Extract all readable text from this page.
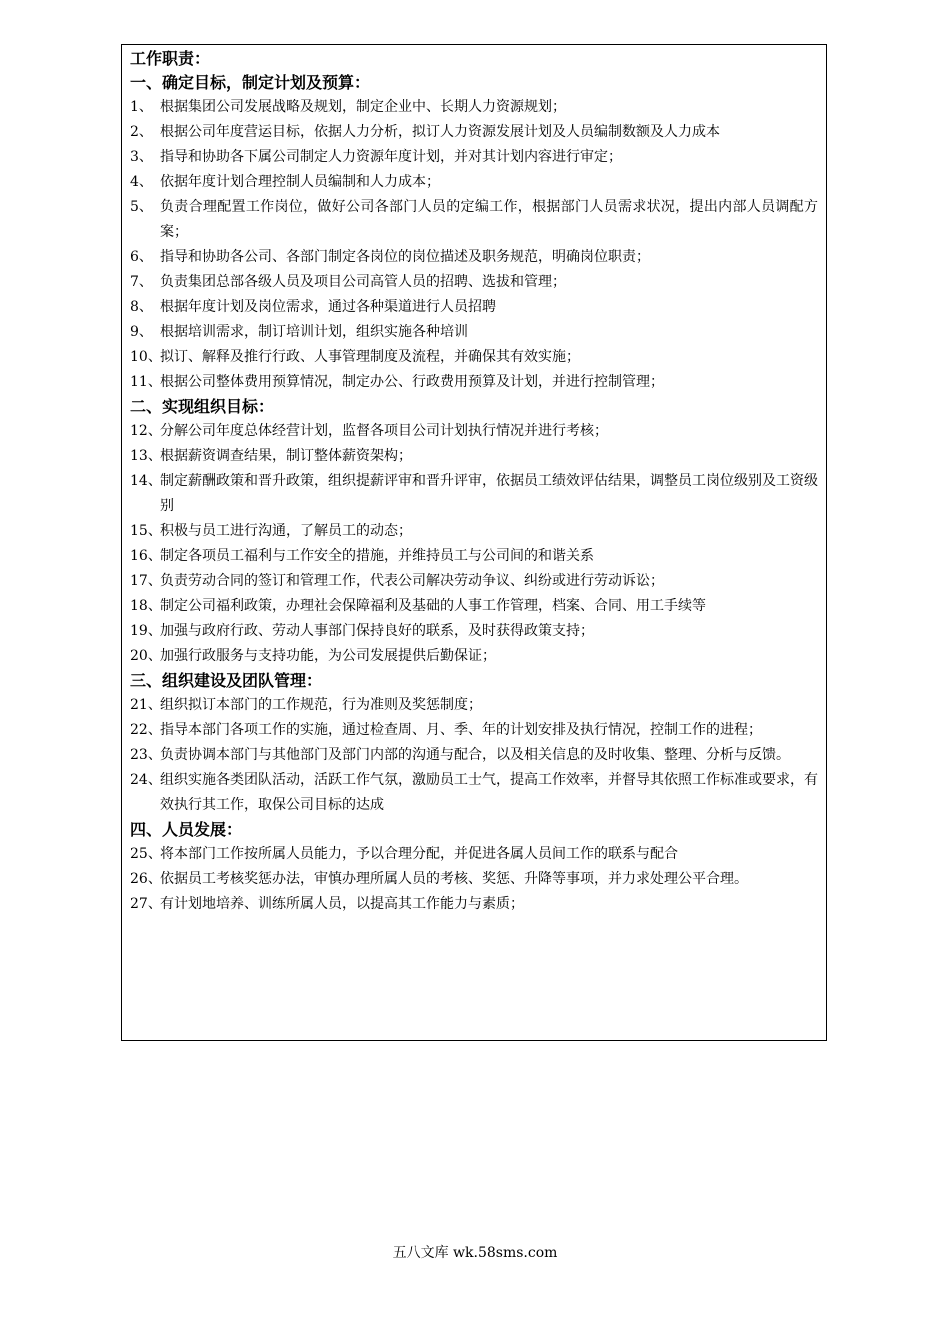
工作职责：

一、确定目标，制定计划及预算：

1、 根据集团公司发展战略及规划，制定企业中、长期人力资源规划；
2、 根据公司年度营运目标，依据人力分析，拟订人力资源发展计划及人员编制数额及人力成本
3、 指导和协助各下属公司制定人力资源年度计划，并对其计划内容进行审定；
4、 依据年度计划合理控制人员编制和人力成本；
5、 负责合理配置工作岗位，做好公司各部门人员的定编工作，根据部门人员需求状况，提出内部人员调配方案；
6、 指导和协助各公司、各部门制定各岗位的岗位描述及职务规范，明确岗位职责；
7、 负责集团总部各级人员及项目公司高管人员的招聘、选拔和管理；
8、 根据年度计划及岗位需求，通过各种渠道进行人员招聘
9、 根据培训需求，制订培训计划，组织实施各种培训
10、
拟订、解释及推行行政、人事管理制度及流程，并确保其有效实施；
11、
根据公司整体费用预算情况，制定办公、行政费用预算及计划，并进行控制管理；

二、实现组织目标：

12、
分解公司年度总体经营计划，监督各项目公司计划执行情况并进行考核；
13、
根据薪资调查结果，制订整体薪资架构；
14、
制定薪酬政策和晋升政策，组织提薪评审和晋升评审，依据员工绩效评估结果，调整员工岗位级别及工资级别
15、
积极与员工进行沟通，了解员工的动态；
16、
制定各项员工福利与工作安全的措施，并维持员工与公司间的和谐关系
17、
负责劳动合同的签订和管理工作，代表公司解决劳动争议、纠纷或进行劳动诉讼；
18、
制定公司福利政策，办理社会保障福利及基础的人事工作管理，档案、合同、用工手续等
19、
加强与政府行政、劳动人事部门保持良好的联系，及时获得政策支持；
20、
加强行政服务与支持功能，为公司发展提供后勤保证；

三、组织建设及团队管理：

21、
组织拟订本部门的工作规范，行为准则及奖惩制度；
22、
指导本部门各项工作的实施，通过检查周、月、季、年的计划安排及执行情况，控制工作的进程；
23、
负责协调本部门与其他部门及部门内部的沟通与配合，以及相关信息的及时收集、整理、分析与反馈。
24、
组织实施各类团队活动，活跃工作气氛，激励员工士气，提高工作效率，并督导其依照工作标准或要求，有效执行其工作，取保公司目标的达成

四、人员发展：

25、
将本部门工作按所属人员能力，予以合理分配，并促进各属人员间工作的联系与配合
26、
依据员工考核奖惩办法，审慎办理所属人员的考核、奖惩、升降等事项，并力求处理公平合理。
27、
有计划地培养、训练所属人员，以提高其工作能力与素质；
五八文库 wk.58sms.com
